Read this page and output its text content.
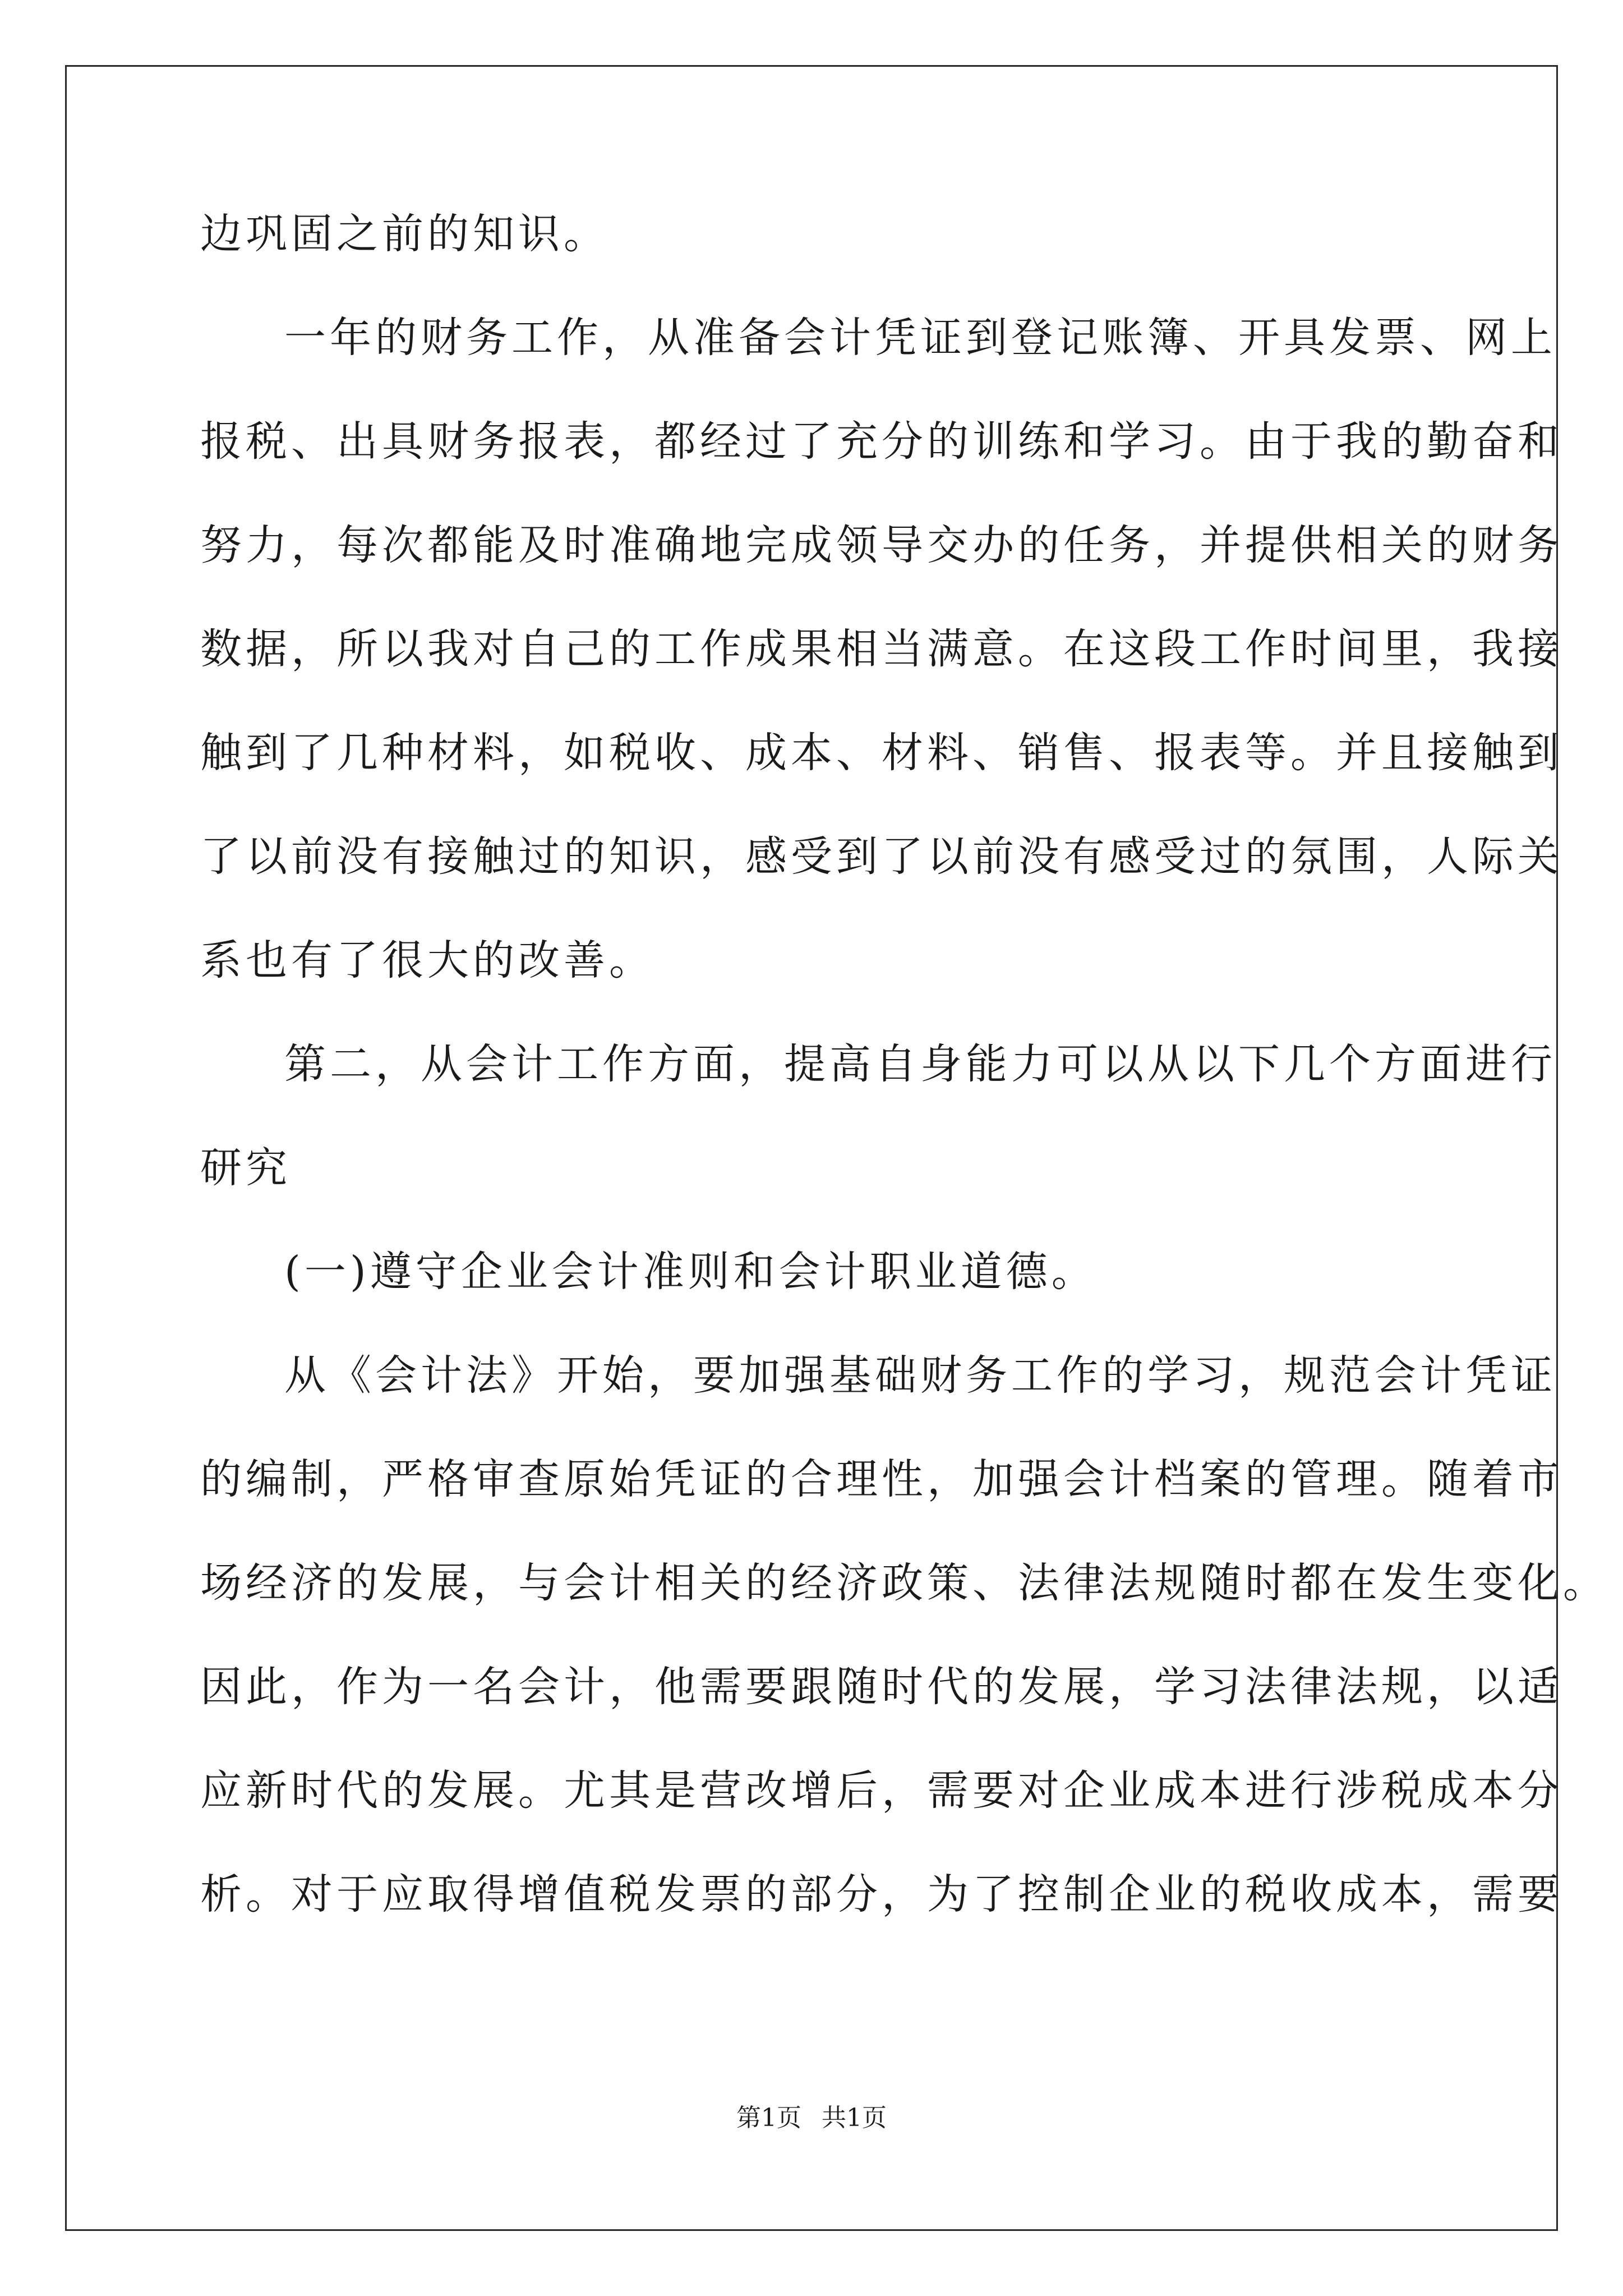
边巩固之前的知识。
一年的财务工作，从准备会计凭证到登记账簿、开具发票、网上
报税、出具财务报表，都经过了充分的训练和学习。由于我的勤奋和
努力，每次都能及时准确地完成领导交办的任务，并提供相关的财务
数据，所以我对自己的工作成果相当满意。在这段工作时间里，我接
触到了几种材料，如税收、成本、材料、销售、报表等。并且接触到
了以前没有接触过的知识，感受到了以前没有感受过的氛围，人际关
系也有了很大的改善。
第二，从会计工作方面，提高自身能力可以从以下几个方面进行
研究
(一)遵守企业会计准则和会计职业道德。
从《会计法》开始，要加强基础财务工作的学习，规范会计凭证
的编制，严格审查原始凭证的合理性，加强会计档案的管理。随着市
场经济的发展，与会计相关的经济政策、法律法规随时都在发生变化。
因此，作为一名会计，他需要跟随时代的发展，学习法律法规，以适
应新时代的发展。尤其是营改增后，需要对企业成本进行涉税成本分
析。对于应取得增值税发票的部分，为了控制企业的税收成本，需要
第1页 共1页
